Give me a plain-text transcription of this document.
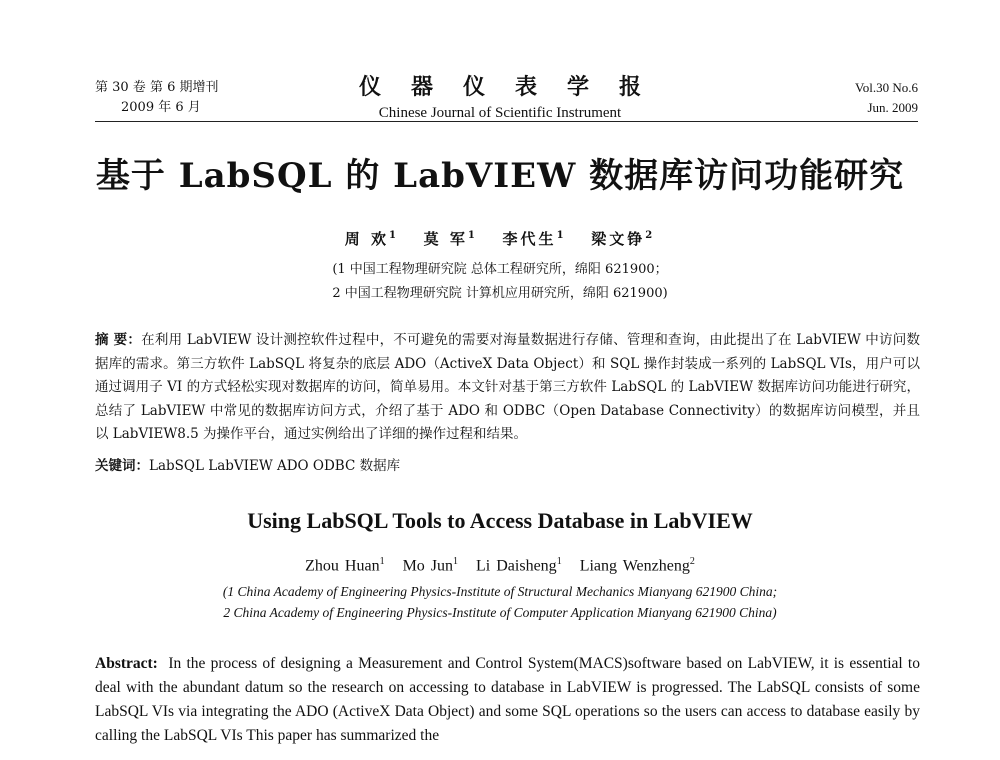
第 30 卷 第 6 期增刊
2009 年 6 月
仪器仪表学报
Chinese Journal of Scientific Instrument
Vol.30 No.6
Jun. 2009
基于 LabSQL 的 LabVIEW 数据库访问功能研究
周 欢$^1$ 莫 军$^1$ 李代生$^1$ 梁文铮$^2$
(1 中国工程物理研究院 总体工程研究所，绵阳 621900；
2 中国工程物理研究院 计算机应用研究所，绵阳 621900)
摘 要：在利用 LabVIEW 设计测控软件过程中，不可避免的需要对海量数据进行存储、管理和查询，由此提出了在 LabVIEW 中访问数据库的需求。第三方软件 LabSQL 将复杂的底层 ADO（ActiveX Data Object）和 SQL 操作封装成一系列的 LabSQL VIs，用户可以通过调用子 VI 的方式轻松实现对数据库的访问，简单易用。本文针对基于第三方软件 LabSQL 的 LabVIEW 数据库访问功能进行研究，总结了 LabVIEW 中常见的数据库访问方式，介绍了基于 ADO 和 ODBC（Open Database Connectivity）的数据库访问模型，并且以 LabVIEW8.5 为操作平台，通过实例给出了详细的操作过程和结果。
关键词：LabSQL LabVIEW ADO ODBC 数据库
Using LabSQL Tools to Access Database in LabVIEW
Zhou Huan$^1$ Mo Jun$^1$ Li Daisheng$^1$ Liang Wenzheng$^2$
(1 China Academy of Engineering Physics-Institute of Structural Mechanics Mianyang 621900 China;
2 China Academy of Engineering Physics-Institute of Computer Application Mianyang 621900 China)
Abstract: In the process of designing a Measurement and Control System(MACS)software based on LabVIEW, it is essential to deal with the abundant datum so the research on accessing to database in LabVIEW is progressed. The LabSQL consists of some LabSQL VIs via integrating the ADO (ActiveX Data Object) and some SQL operations so the users can access to database easily by calling the LabSQL VIs This paper has summarized the
